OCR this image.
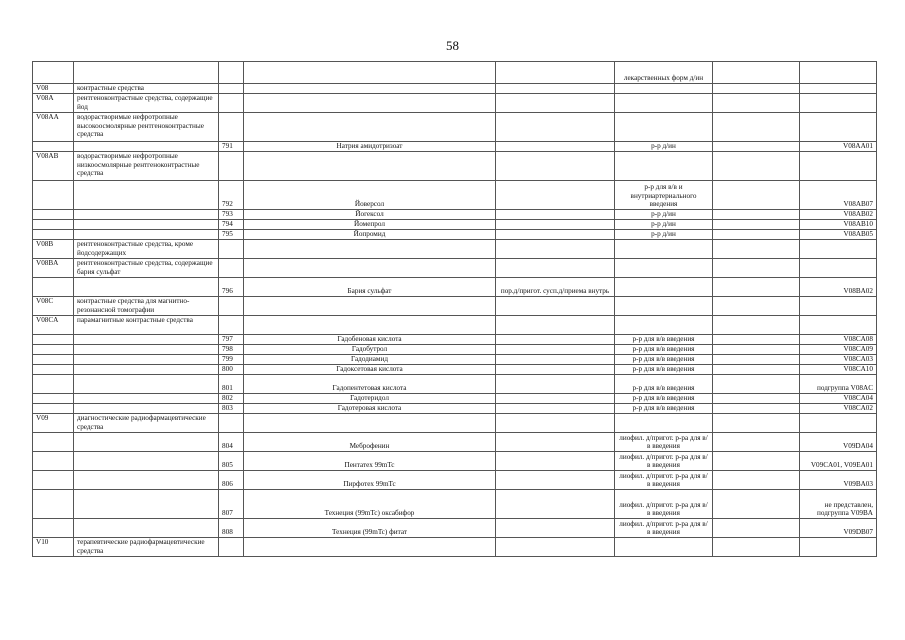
58
					лекарственных форм д/ин		
V08	контрастные средства						
V08A	рентгеноконтрастные средства, содержащие йод						
V08AA	водорастворимые нефротропные высокоосмолярные рентгеноконтрастные средства						
		791	Натрия амидотризоат		р-р д/ин		V08AA01
V08AB	водорастворимые нефротропные низкоосмолярные рентгеноконтрастные средства						
		792	Йоверсол		р-р для в/в и внутриартериального введения		V08AB07
		793	Йогексол		р-р д/ин		V08AB02
		794	Йомепрол		р-р д/ин		V08AB10
		795	Йопромид		р-р д/ин		V08AB05
V08B	рентгеноконтрастные средства, кроме йодсодержащих						
V08BA	рентгеноконтрастные средства, содержащие бария сульфат						
		796	Бария сульфат	пор.д/пригот. сусп.д/приема внутрь			V08BA02
V08C	контрастные средства для магнитно-резонансной томографии						
V08CA	парамагнитные контрастные средства						
		797	Гадобеновая кислота		р-р для в/в введения		V08CA08
		798	Гадобутрол		р-р для в/в введения		V08CA09
		799	Гадодиамид		р-р для в/в введения		V08CA03
		800	Гадоксетовая кислота		р-р для в/в введения		V08CA10
		801	Гадопентетовая кислота		р-р для в/в введения		подгруппа V08AC
		802	Гадотеридол		р-р для в/в введения		V08CA04
		803	Гадотеровая кислота		р-р для в/в введения		V08CA02
V09	диагностические радиофармацевтические средства						
		804	Меброфенин		лиофил. д/пригот. р-ра для в/в введения		V09DA04
		805	Пентатех 99mTc		лиофил. д/пригот. р-ра для в/в введения		V09CA01, V09EA01
		806	Пирфотех 99mTc		лиофил. д/пригот. р-ра для в/в введения		V09BA03
		807	Технеция (99mTc) оксабифор		лиофил. д/пригот. р-ра для в/в введения		не представлен, подгруппа V09BA
		808	Технеция (99mTc) фитат		лиофил. д/пригот. р-ра для в/в введения		V09DB07
V10	терапевтические радиофармацевтические средства						
